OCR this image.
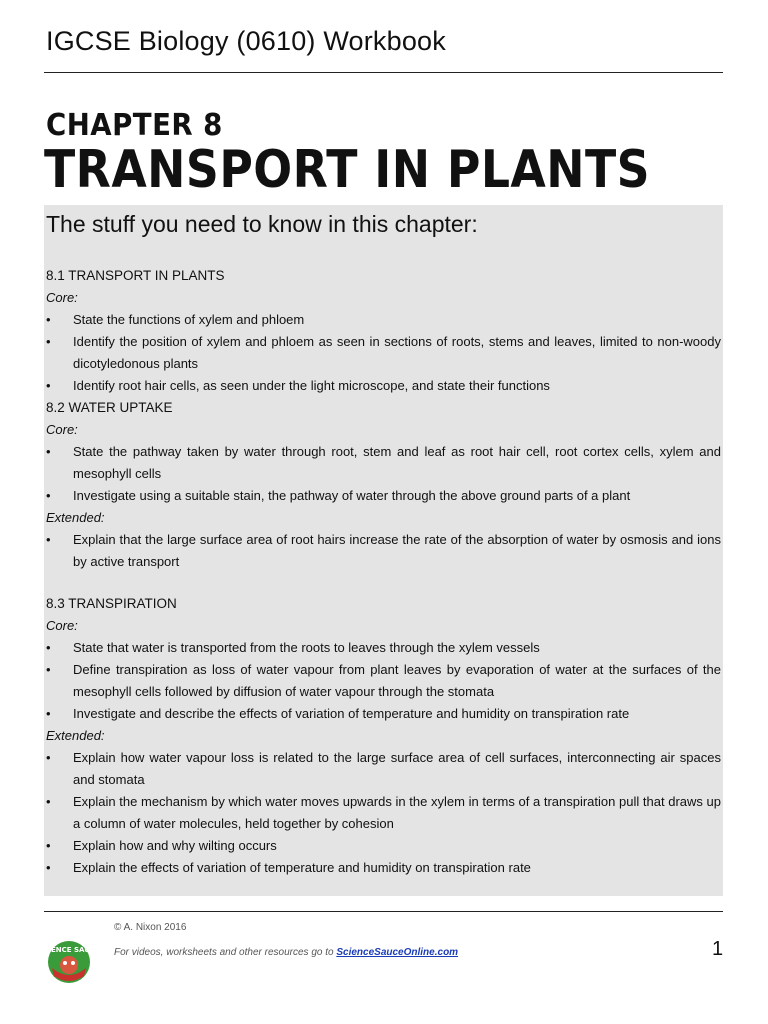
IGCSE Biology (0610) Workbook
CHAPTER 8
TRANSPORT IN PLANTS
The stuff you need to know in this chapter:
8.1 TRANSPORT IN PLANTS
Core:
• State the functions of xylem and phloem
• Identify the position of xylem and phloem as seen in sections of roots, stems and leaves, limited to non-woody dicotyledonous plants
• Identify root hair cells, as seen under the light microscope, and state their functions
8.2 WATER UPTAKE
Core:
• State the pathway taken by water through root, stem and leaf as root hair cell, root cortex cells, xylem and mesophyll cells
• Investigate using a suitable stain, the pathway of water through the above ground parts of a plant
Extended:
• Explain that the large surface area of root hairs increase the rate of the absorption of water by osmosis and ions by active transport
8.3 TRANSPIRATION
Core:
• State that water is transported from the roots to leaves through the xylem vessels
• Define transpiration as loss of water vapour from plant leaves by evaporation of water at the surfaces of the mesophyll cells followed by diffusion of water vapour through the stomata
• Investigate and describe the effects of variation of temperature and humidity on transpiration rate
Extended:
• Explain how water vapour loss is related to the large surface area of cell surfaces, interconnecting air spaces and stomata
• Explain the mechanism by which water moves upwards in the xylem in terms of a transpiration pull that draws up a column of water molecules, held together by cohesion
• Explain how and why wilting occurs
• Explain the effects of variation of temperature and humidity on transpiration rate
SCIENCE SAUCE
© A. Nixon 2016
For videos, worksheets and other resources go to ScienceSauceOnline.com	1
